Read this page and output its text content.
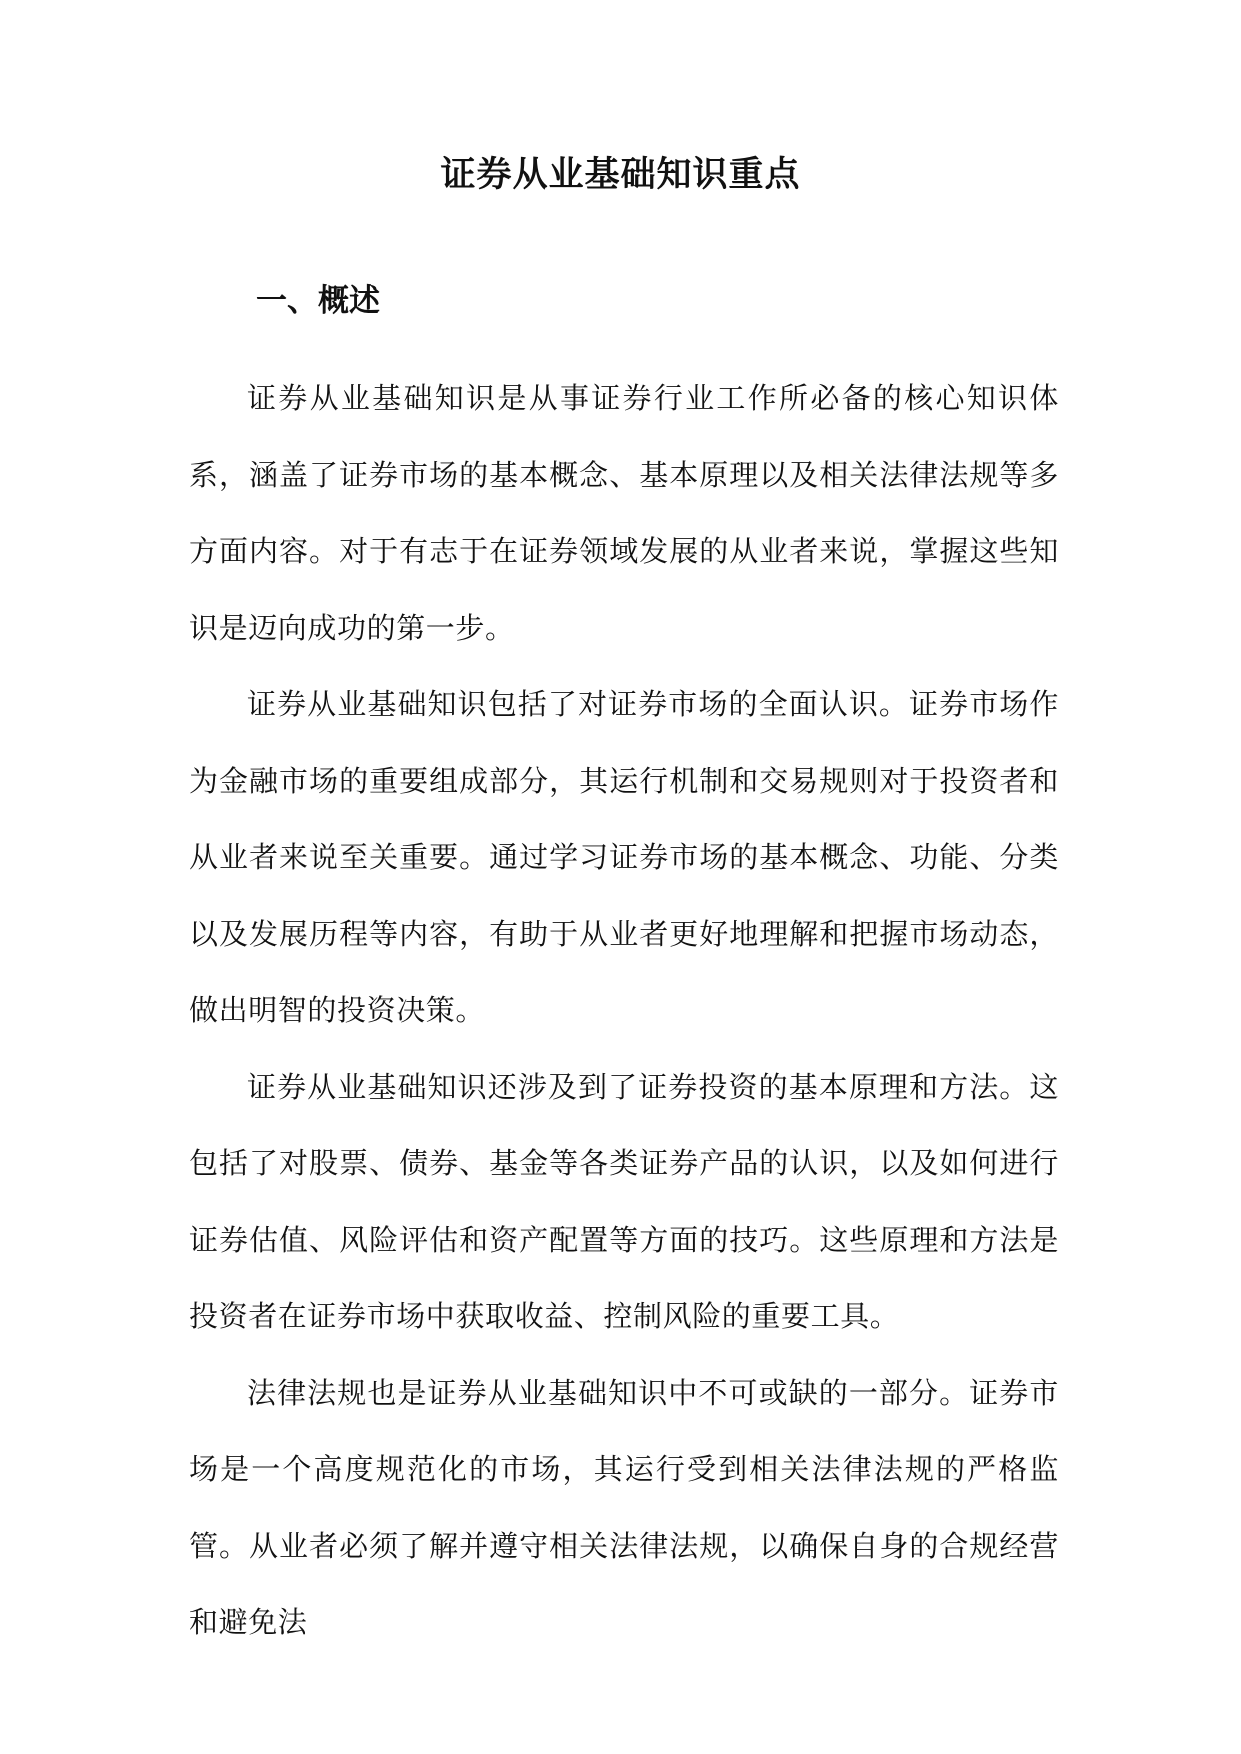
证券从业基础知识重点
一、概述

证券从业基础知识是从事证券行业工作所必备的核心知识体系，涵盖了证券市场的基本概念、基本原理以及相关法律法规等多方面内容。对于有志于在证券领域发展的从业者来说，掌握这些知识是迈向成功的第一步。

证券从业基础知识包括了对证券市场的全面认识。证券市场作为金融市场的重要组成部分，其运行机制和交易规则对于投资者和从业者来说至关重要。通过学习证券市场的基本概念、功能、分类以及发展历程等内容，有助于从业者更好地理解和把握市场动态，做出明智的投资决策。

证券从业基础知识还涉及到了证券投资的基本原理和方法。这包括了对股票、债券、基金等各类证券产品的认识，以及如何进行证券估值、风险评估和资产配置等方面的技巧。这些原理和方法是投资者在证券市场中获取收益、控制风险的重要工具。

法律法规也是证券从业基础知识中不可或缺的一部分。证券市场是一个高度规范化的市场，其运行受到相关法律法规的严格监管。从业者必须了解并遵守相关法律法规，以确保自身的合规经营和避免法
